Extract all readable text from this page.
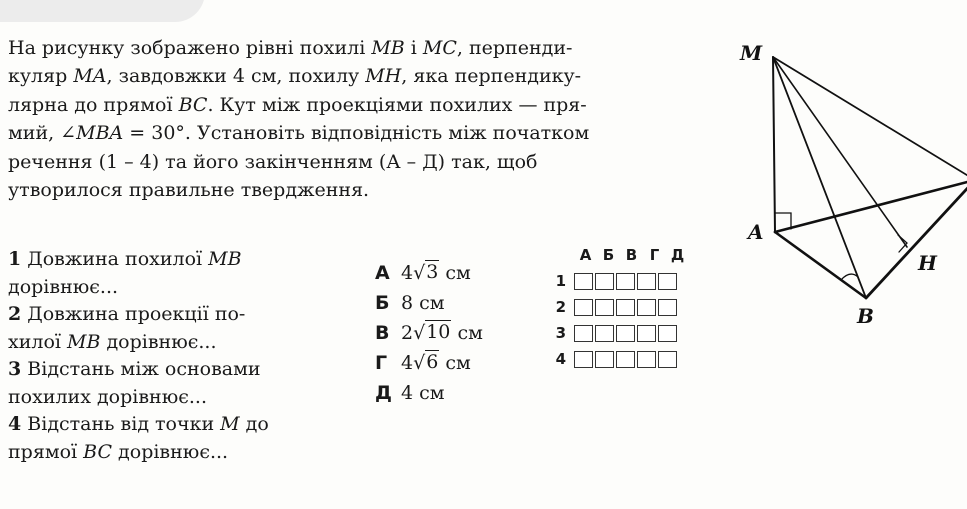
На рисунку зображено рівні похилі MB і MC, перпенди-
куляр MA, завдовжки 4 см, похилу MH, яка перпендику-
лярна до прямої BC. Кут між проекціями похилих — пря-
мий, ∠MBA = 30°. Установіть відповідність між початком
речення (1 – 4) та його закінченням (А – Д) так, щоб
утворилося правильне твердження.
1 Довжина похилої MB
дорівнює...
2 Довжина проекції по-
хилої MB дорівнює...
3 Відстань між основами
похилих дорівнює...
4 Відстань від точки M до
прямої BC дорівнює...
А 4 √ 3 см
Б 8 см
В 2 √ 10 см
Г 4 √ 6 см
Д 4 см
А Б В Г Д
1
2
3
4
M
A
B
H
